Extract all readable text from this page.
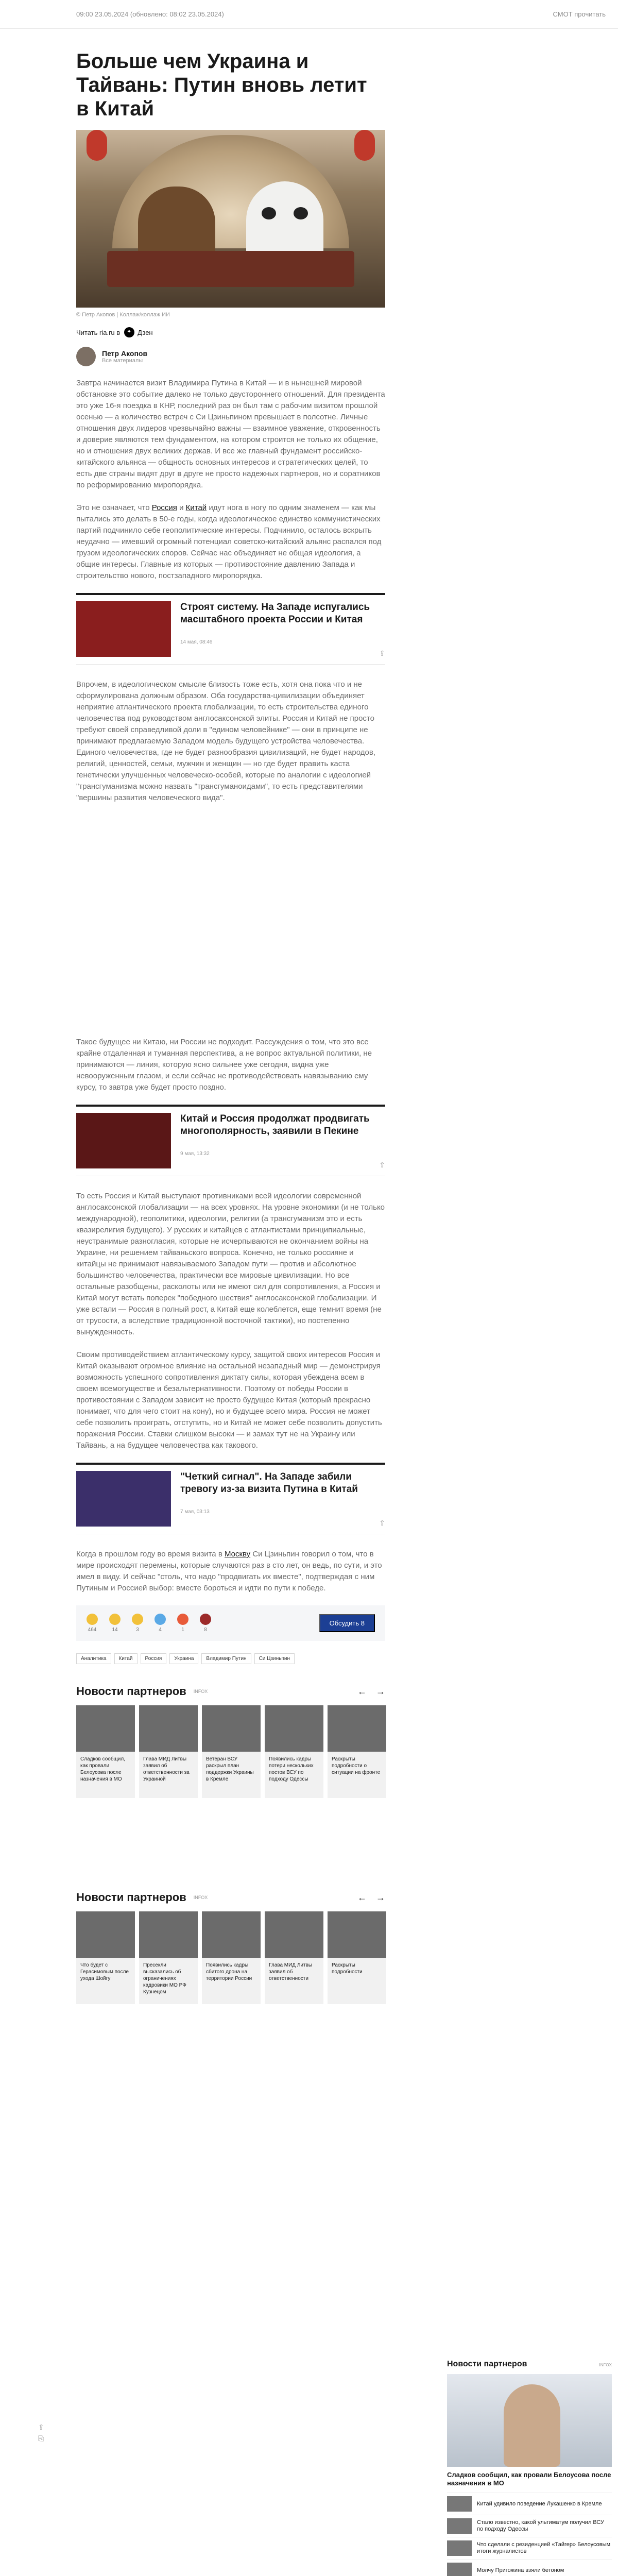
09:00 23.05.2024 (обновлено: 08:02 23.05.2024)	СМОТ прочитать
⇪
⎘
Больше чем Украина и Тайвань: Путин вновь летит в Китай
© Петр Акопов | Коллаж/коллаж ИИ
Читать ria.ru в
✦	Дзен
Петр Акопов
Все материалы

Завтра начинается визит Владимира Путина в Китай — и в нынешней мировой обстановке это событие далеко не только двустороннего отношений. Для президента это уже 16-я поездка в КНР, последний раз он был там с рабочим визитом прошлой осенью — а количество встреч с Си Цзиньпином превышает в полсотне. Личные отношения двух лидеров чрезвычайно важны — взаимное уважение, откровенность и доверие являются тем фундаментом, на котором строится не только их общение, но и отношения двух великих держав. И все же главный фундамент российско-китайского альянса — общность основных интересов и стратегических целей, то есть две страны видят друг в друге не просто надежных партнеров, но и соратников по реформированию миропорядка.

Это не означает, что Россия и Китай идут нога в ногу по одним знаменем — как мы пытались это делать в 50-е годы, когда идеологическое единство коммунистических партий подчинило себе геополитические интересы. Подчинило, осталось вскрыть неудачно — имевший огромный потенциал советско-китайский альянс распался под грузом идеологических споров. Сейчас нас объединяет не общая идеология, а общие интересы. Главные из которых — противостояние давлению Запада и строительство нового, постзападного миропорядка.

Строят систему. На Западе испугались масштабного проекта России и Китая
14 мая, 08:46
⇪

Впрочем, в идеологическом смысле близость тоже есть, хотя она пока что и не сформулирована должным образом. Оба государства-цивилизации объединяет неприятие атлантического проекта глобализации, то есть строительства единого человечества под руководством англосаксонской элиты. Россия и Китай не просто требуют своей справедливой доли в "едином человейнике" — они в принципе не принимают предлагаемую Западом модель будущего устройства человечества. Единого человечества, где не будет разнообразия цивилизаций, не будет народов, религий, ценностей, семьи, мужчин и женщин — но где будет править каста генетически улучшенных человеческо-особей, которые по аналогии с идеологией "трансгуманизма можно назвать "трансгуманоидами", то есть представителями "вершины развития человеческого вида".

Такое будущее ни Китаю, ни России не подходит. Рассуждения о том, что это все крайне отдаленная и туманная перспектива, а не вопрос актуальной политики, не принимаются — линия, которую ясно сильнее уже сегодня, видна уже невооруженным глазом, и если сейчас не противодействовать навязыванию ему курсу, то завтра уже будет просто поздно.

Китай и Россия продолжат продвигать многополярность, заявили в Пекине
9 мая, 13:32
⇪

То есть Россия и Китай выступают противниками всей идеологии современной англосаксонской глобализации — на всех уровнях. На уровне экономики (и не только международной), геополитики, идеологии, религии (а трансгуманизм это и есть квазирелигия будущего). У русских и китайцев с атлантистами принципиальные, неустранимые разногласия, которые не исчерпываются не окончанием войны на Украине, ни решением тайваньского вопроса. Конечно, не только россияне и китайцы не принимают навязываемого Западом пути — против и абсолютное большинство человечества, практически все мировые цивилизации. Но все остальные разобщены, расколоты или не имеют сил для сопротивления, а Россия и Китай могут встать поперек "победного шествия" англосаксонской глобализации. И уже встали — Россия в полный рост, а Китай еще колеблется, еще темнит время (не от трусости, а вследствие традиционной восточной тактики), но постепенно вынужденность.

Своим противодействием атлантическому курсу, защитой своих интересов Россия и Китай оказывают огромное влияние на остальной незападный мир — демонстрируя возможность успешного сопротивления диктату силы, которая убеждена всем в своем всемогуществе и безальтернативности. Поэтому от победы России в противостоянии с Западом зависит не просто будущее Китая (который прекрасно понимает, что для чего стоит на кону), но и будущее всего мира. Россия не может себе позволить проиграть, отступить, но и Китай не может себе позволить допустить поражения России. Ставки слишком высоки — и замах тут не на Украину или Тайвань, а на будущее человечества как такового.

"Четкий сигнал". На Западе забили тревогу из-за визита Путина в Китай
7 мая, 03:13
⇪

Когда в прошлом году во время визита в Москву Си Цзиньпин говорил о том, что в мире происходят перемены, которые случаются раз в сто лет, он ведь, по сути, и это имел в виду. И сейчас "столь, что надо "продвигать их вместе", подтверждая с ним Путиным и Россией выбор: вместе бороться и идти по пути к победе.

464	14	3	4	1	8
Обсудить 8
Аналитика	Китай	Россия	Украина	Владимир Путин	Си Цзиньпин
Новости партнеров INFOX	← →
Сладков сообщил, как провали Белоусова после назначения в МО
Глава МИД Литвы заявил об ответственности за Украиной
Ветеран ВСУ раскрыл план поддержки Украины в Кремле
Появились кадры потери нескольких постов ВСУ по подходу Одессы
Раскрыты подробности о ситуации на фронте
Новости партнеров INFOX	← →
Что будет с Герасимовым после ухода Шойгу
Пресекли высказались об ограничениях кадровики МО РФ Кузнецом
Появились кадры сбитого дрона на территории России
Глава МИД Литвы заявил об ответственности
Раскрыты подробности
Новости партнеров	INFOX
Сладков сообщил, как провали Белоусова после назначения в МО
Китай удивило поведение Лукашенко в Кремле
Стало известно, какой ультиматум получил ВСУ по подходу Одессы
Что сделали с резиденцией «Тайгер» Белоусовым итоги журналистов
Молчу Пригожина взяли бетоном
